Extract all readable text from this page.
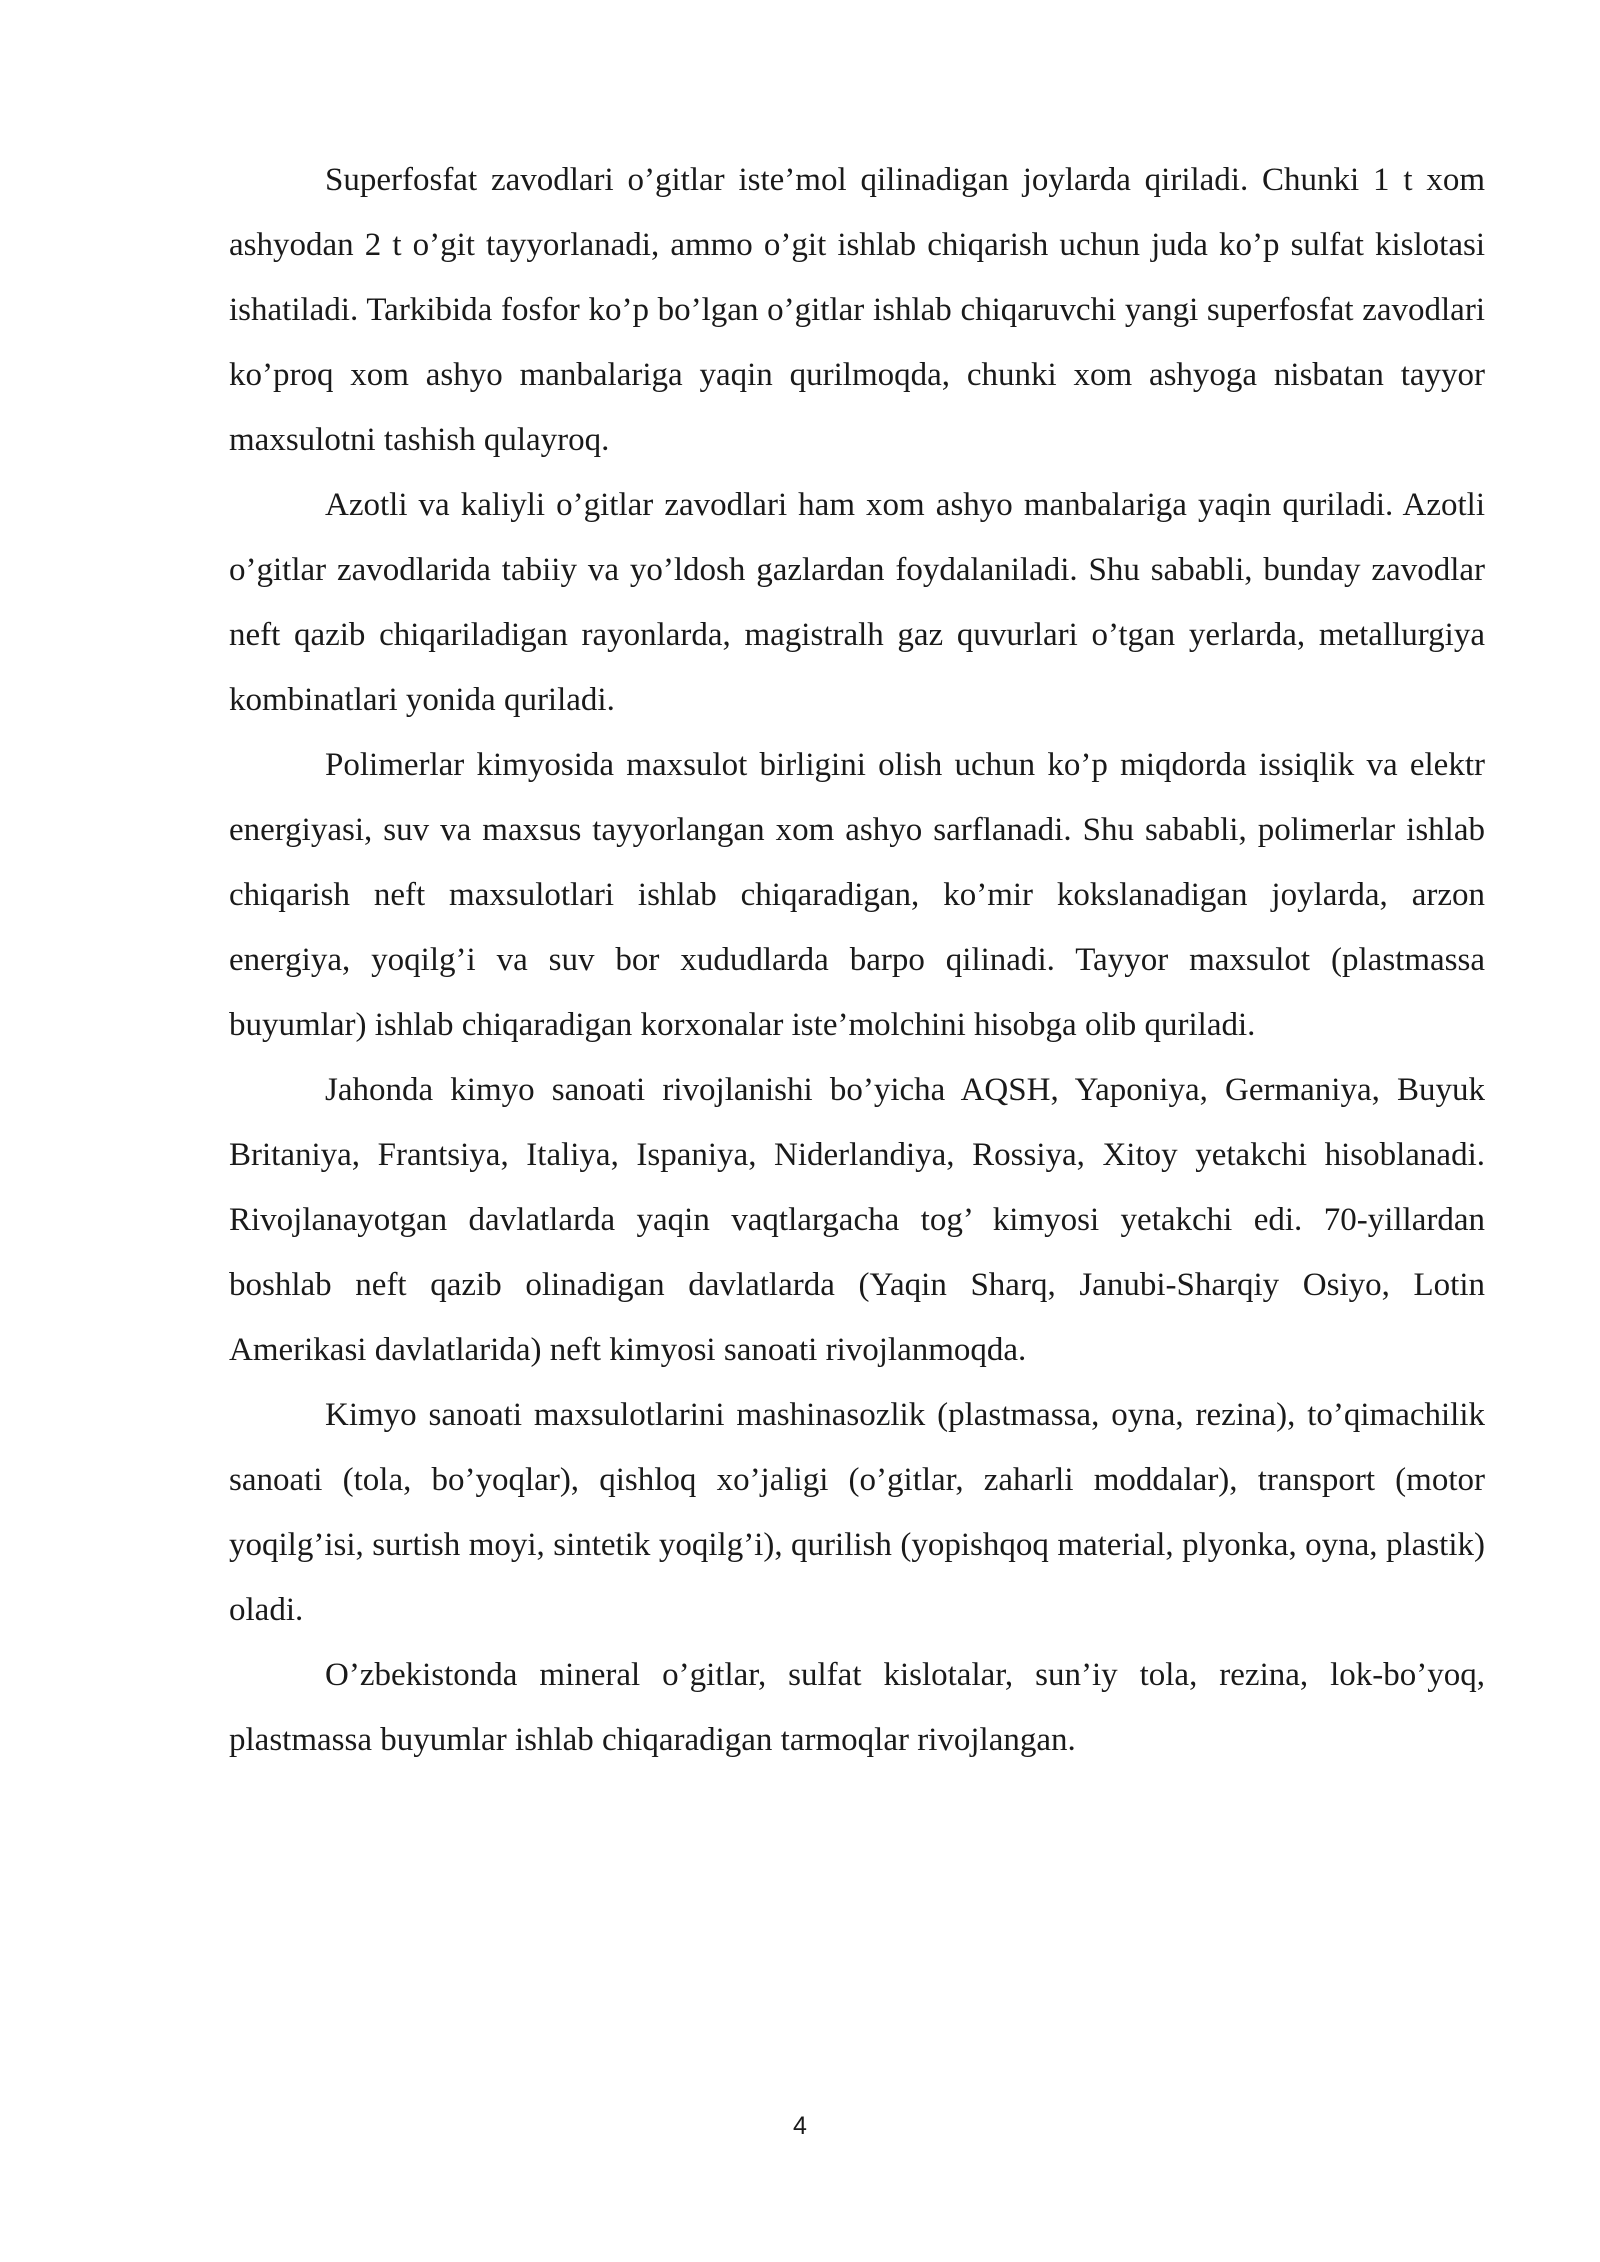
Superfosfat zavodlari o’gitlar iste’mol qilinadigan joylarda qiriladi. Chunki 1 t xom ashyodan 2 t o’git tayyorlanadi, ammo o’git ishlab chiqarish uchun juda ko’p sulfat kislotasi ishatiladi. Tarkibida fosfor ko’p bo’lgan o’gitlar ishlab chiqaruvchi yangi superfosfat zavodlari ko’proq xom ashyo manbalariga yaqin qurilmoqda, chunki xom ashyoga nisbatan tayyor maxsulotni tashish qulayroq.

Azotli va kaliyli o’gitlar zavodlari ham xom ashyo manbalariga yaqin quriladi. Azotli o’gitlar zavodlarida tabiiy va yo’ldosh gazlardan foydalaniladi. Shu sababli, bunday zavodlar neft qazib chiqariladigan rayonlarda, magistralh gaz quvurlari o’tgan yerlarda, metallurgiya kombinatlari yonida quriladi.

Polimerlar kimyosida maxsulot birligini olish uchun ko’p miqdorda issiqlik va elektr energiyasi, suv va maxsus tayyorlangan xom ashyo sarflanadi. Shu sababli, polimerlar ishlab chiqarish neft maxsulotlari ishlab chiqaradigan, ko’mir kokslanadigan joylarda, arzon energiya, yoqilg’i va suv bor xududlarda barpo qilinadi. Tayyor maxsulot (plastmassa buyumlar) ishlab chiqaradigan korxonalar iste’molchini hisobga olib quriladi.

Jahonda kimyo sanoati rivojlanishi bo’yicha AQSH, Yaponiya, Germaniya, Buyuk Britaniya, Frantsiya, Italiya, Ispaniya, Niderlandiya, Rossiya, Xitoy yetakchi hisoblanadi. Rivojlanayotgan davlatlarda yaqin vaqtlargacha tog’ kimyosi yetakchi edi. 70-yillardan boshlab neft qazib olinadigan davlatlarda (Yaqin Sharq, Janubi-Sharqiy Osiyo, Lotin Amerikasi davlatlarida) neft kimyosi sanoati rivojlanmoqda.

Kimyo sanoati maxsulotlarini mashinasozlik (plastmassa, oyna, rezina), to’qimachilik sanoati (tola, bo’yoqlar), qishloq xo’jaligi (o’gitlar, zaharli moddalar), transport (motor yoqilg’isi, surtish moyi, sintetik yoqilg’i), qurilish (yopishqoq material, plyonka, oyna, plastik) oladi.

O’zbekistonda mineral o’gitlar, sulfat kislotalar, sun’iy tola, rezina, lok-bo’yoq, plastmassa buyumlar ishlab chiqaradigan tarmoqlar rivojlangan.

4
